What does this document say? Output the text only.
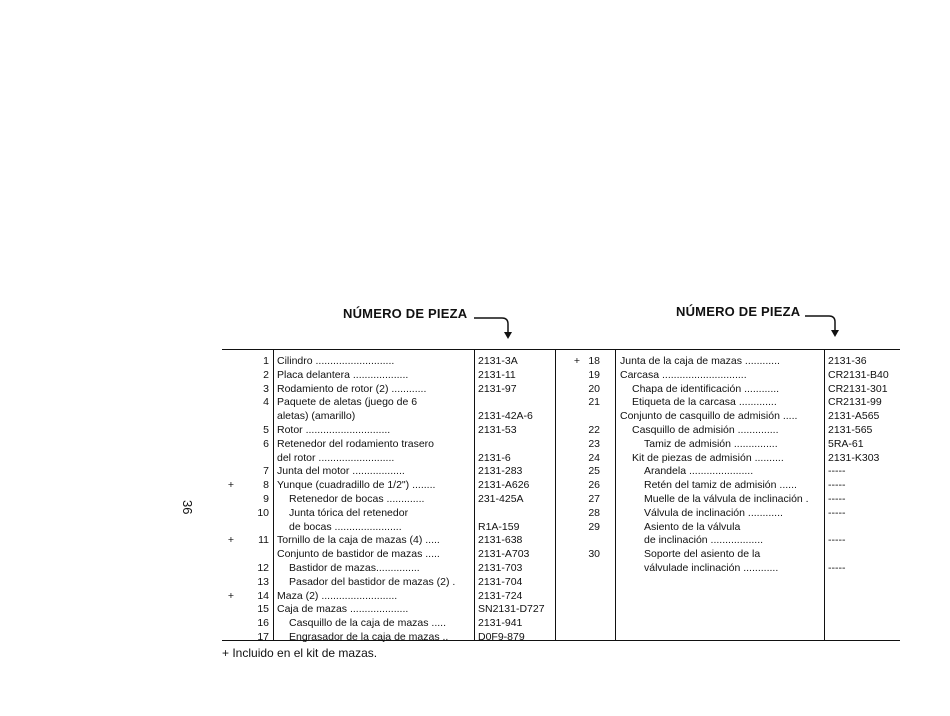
36
NÚMERO DE PIEZA	NÚMERO DE PIEZA
1 Cilindro ...........................	2131-3A
2 Placa delantera ...................	2131-11
3 Rodamiento de rotor (2) ............	2131-97
4 Paquete de aletas (juego de 6
aletas) (amarillo)	2131-42A-6
5 Rotor .............................	2131-53
6 Retenedor del rodamiento trasero
del rotor ..........................	2131-6
7 Junta del motor ..................	2131-283
+	8 Yunque (cuadradillo de 1/2") ........	2131-A626
9 Retenedor de bocas .............	231-425A
10 Junta tórica del retenedor
de bocas .......................	R1A-159
+	11 Tornillo de la caja de mazas (4) .....	2131-638
Conjunto de bastidor de mazas .....	2131-A703
12 Bastidor de mazas...............	2131-703
13 Pasador del bastidor de mazas (2) .	2131-704
+	14 Maza (2) ..........................	2131-724
15 Caja de mazas ....................	SN2131-D727
16 Casquillo de la caja de mazas .....	2131-941
17 Engrasador de la caja de mazas ..	D0F9-879
+ 18 Junta de la caja de mazas ............	2131-36
19 Carcasa .............................	CR2131-B40
20	Chapa de identificación ............	CR2131-301
21	Etiqueta de la carcasa .............	CR2131-99
Conjunto de casquillo de admisión .....	2131-A565
22	Casquillo de admisión ..............	2131-565
23	Tamiz de admisión ...............	5RA-61
24	Kit de piezas de admisión ..........	2131-K303
25	Arandela ......................	-----
26	Retén del tamiz de admisión ......	-----
27	Muelle de la válvula de inclinación .	-----
28	Válvula de inclinación ............	-----
29	Asiento de la válvula
de inclinación ..................	-----
30	Soporte del asiento de la
válvulade inclinación ............	-----
+ Incluido en el kit de mazas.
